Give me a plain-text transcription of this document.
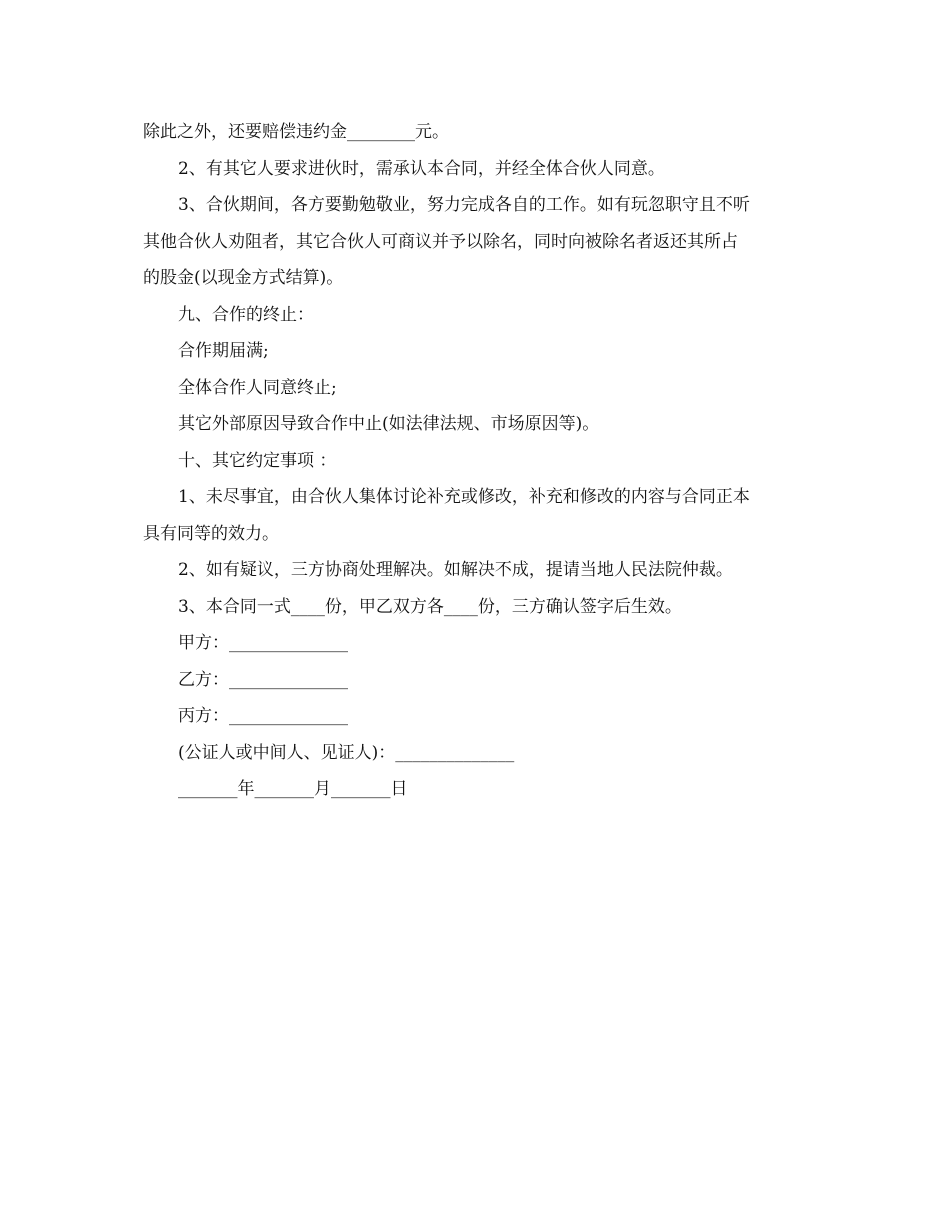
除此之外，还要赔偿违约金________元。
2、有其它人要求进伙时，需承认本合同，并经全体合伙人同意。
3、合伙期间，各方要勤勉敬业，努力完成各自的工作。如有玩忽职守且不听
其他合伙人劝阻者，其它合伙人可商议并予以除名，同时向被除名者返还其所占
的股金(以现金方式结算)。
九、合作的终止：
合作期届满;
全体合作人同意终止;
其它外部原因导致合作中止(如法律法规、市场原因等)。
十、其它约定事项 ：
1、未尽事宜，由合伙人集体讨论补充或修改，补充和修改的内容与合同正本
具有同等的效力。
2、如有疑议，三方协商处理解决。如解决不成，提请当地人民法院仲裁。
3、本合同一式____份，甲乙双方各____份，三方确认签字后生效。
甲方：______________
乙方：______________
丙方：______________
(公证人或中间人、见证人)：______________
_______年_______月_______日
